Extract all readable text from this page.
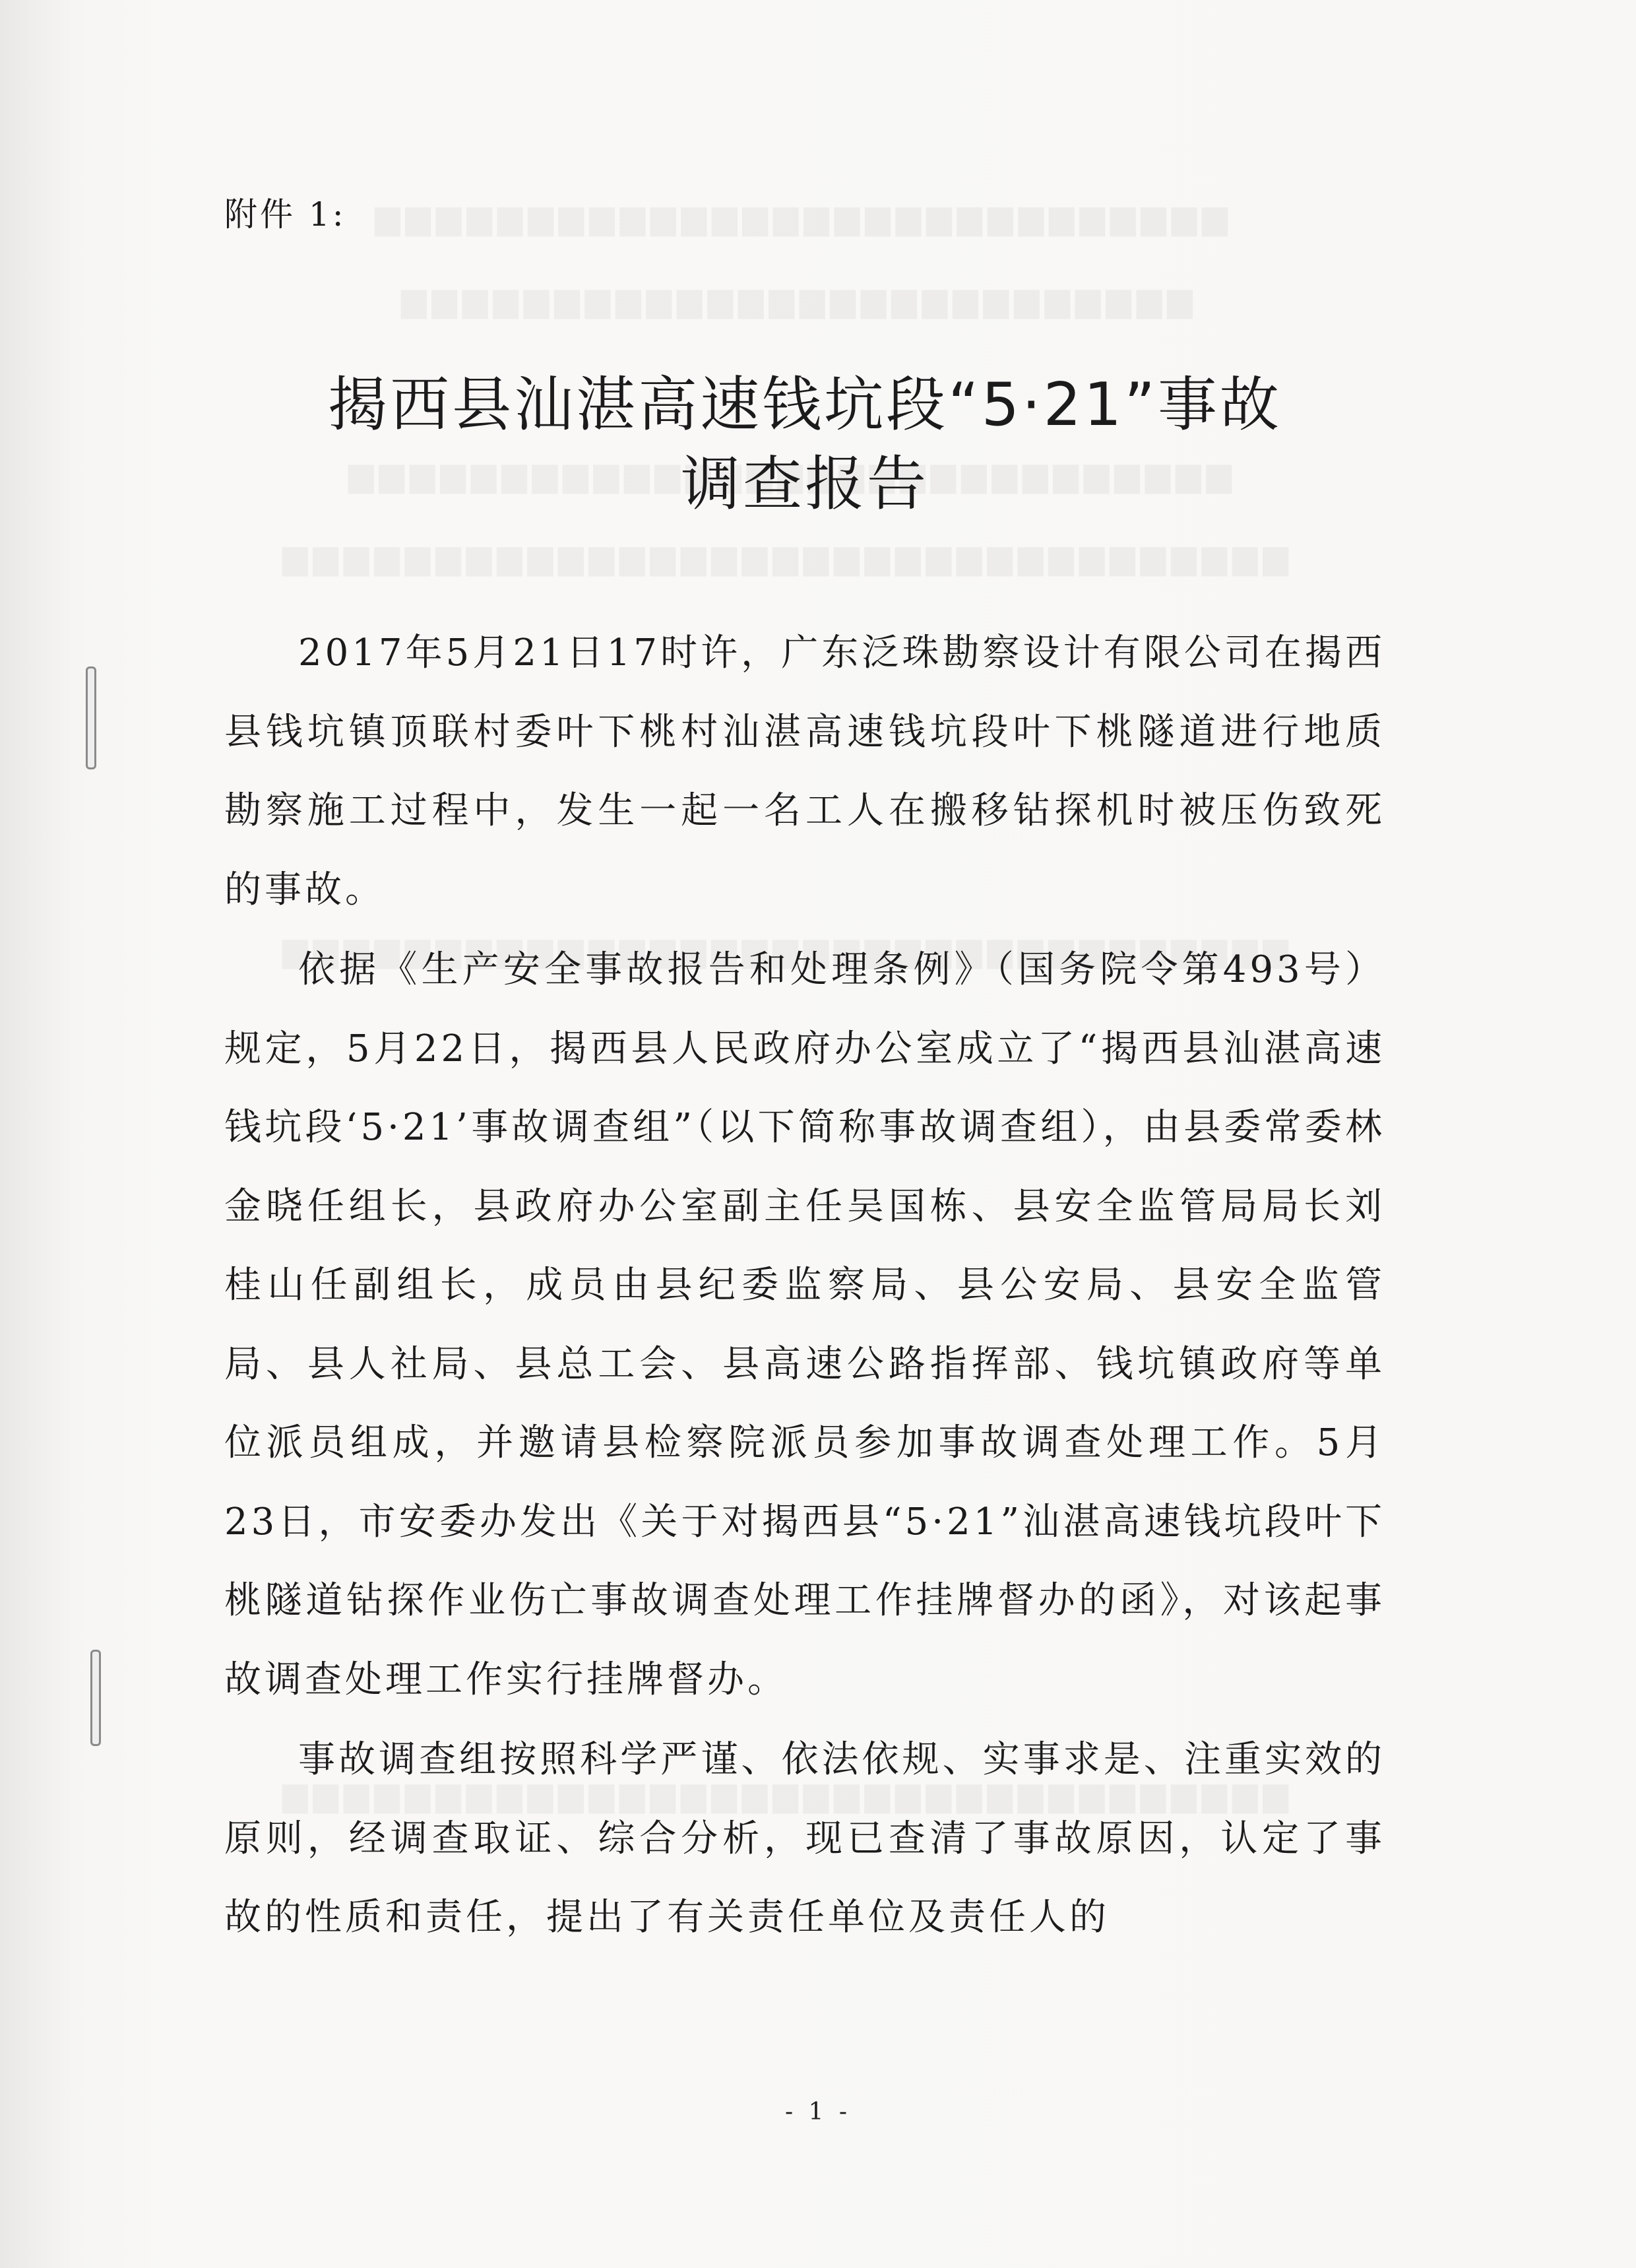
附件 1:
揭西县汕湛高速钱坑段“5·21”事故
调查报告

2017年5月21日17时许，广东泛珠勘察设计有限公司在揭西县钱坑镇顶联村委叶下桃村汕湛高速钱坑段叶下桃隧道进行地质勘察施工过程中，发生一起一名工人在搬移钻探机时被压伤致死的事故。

依据《生产安全事故报告和处理条例》（国务院令第493号）规定，5月22日，揭西县人民政府办公室成立了“揭西县汕湛高速钱坑段‘5·21’事故调查组”（以下简称事故调查组），由县委常委林金晓任组长，县政府办公室副主任吴国栋、县安全监管局局长刘桂山任副组长，成员由县纪委监察局、县公安局、县安全监管局、县人社局、县总工会、县高速公路指挥部、钱坑镇政府等单位派员组成，并邀请县检察院派员参加事故调查处理工作。5月23日，市安委办发出《关于对揭西县“5·21”汕湛高速钱坑段叶下桃隧道钻探作业伤亡事故调查处理工作挂牌督办的函》，对该起事故调查处理工作实行挂牌督办。

事故调查组按照科学严谨、依法依规、实事求是、注重实效的原则，经调查取证、综合分析，现已查清了事故原因，认定了事故的性质和责任，提出了有关责任单位及责任人的

- 1 -
